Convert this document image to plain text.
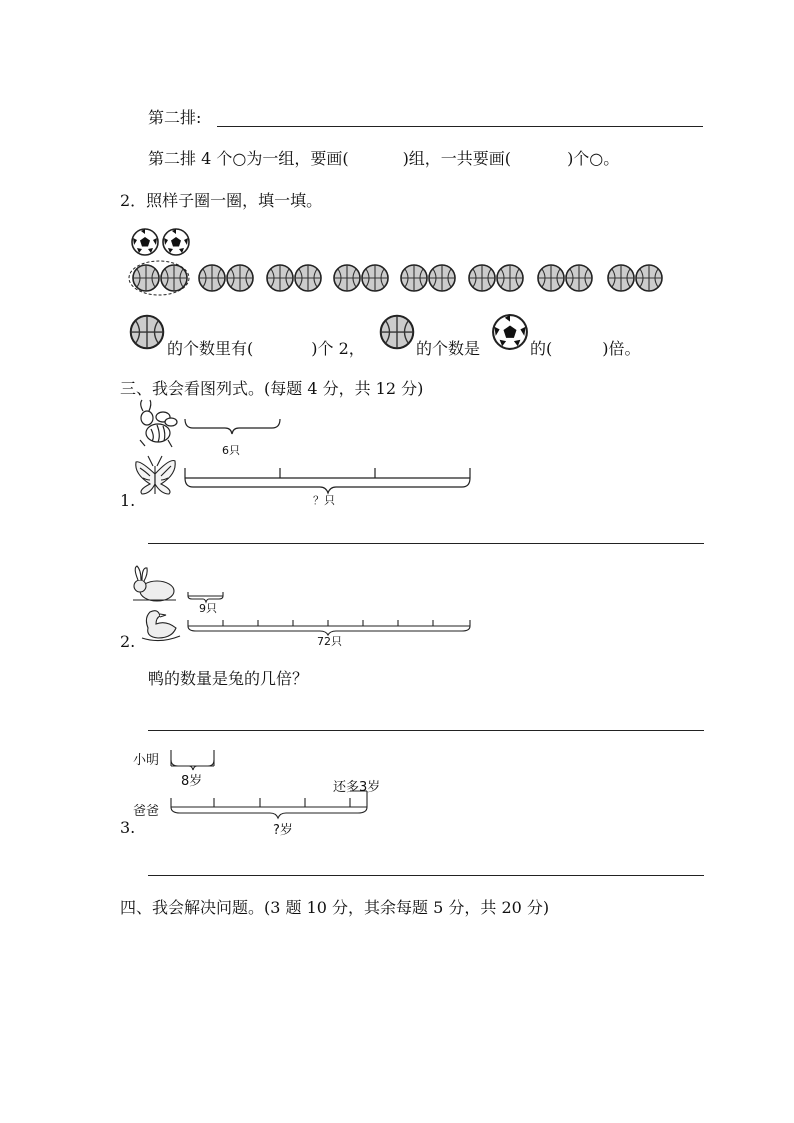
第二排:
第二排 4 个○为一组，要画(	)组，一共要画(	)个○。
2．照样子圈一圈，填一填。
的个数里有(	)个 2，	的个数是	的(	)倍。
三、我会看图列式。(每题 4 分，共 12 分)
6只
？只
1.
9只
72只
2.
鸭的数量是兔的几倍？
小明
8岁	还多3岁
爸爸
?岁
3.
四、我会解决问题。(3 题 10 分，其余每题 5 分，共 20 分)
